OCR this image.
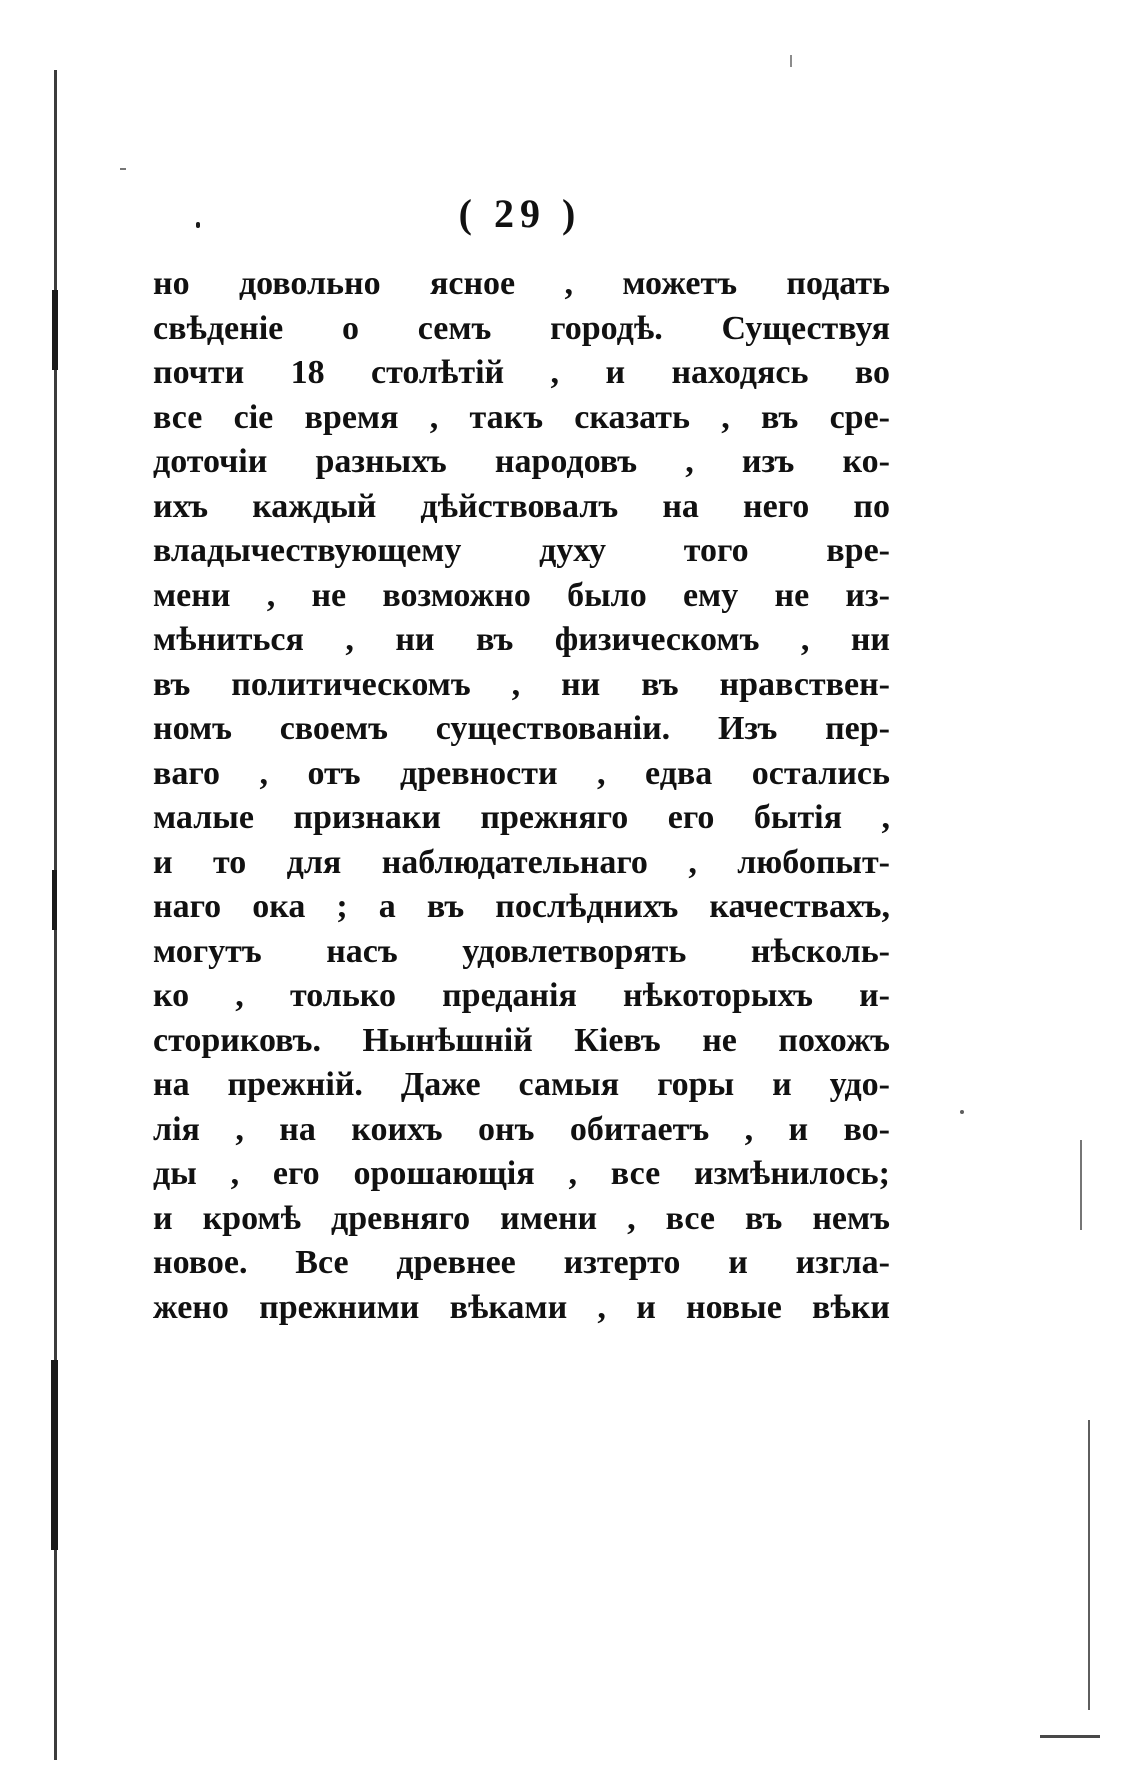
( 29 )
но довольно ясное , можетъ подать
свѣденіе о семъ городѣ. Существуя
почти 18 столѣтій , и находясь во
все сіе время , такъ сказать , въ сре-
доточіи разныхъ народовъ , изъ ко-
ихъ каждый дѣйствовалъ на него по
владычествующему духу того вре-
мени , не возможно было ему не из-
мѣниться , ни въ физическомъ , ни
въ политическомъ , ни въ нравствен-
номъ своемъ существованіи. Изъ пер-
ваго , отъ древности , едва остались
малые признаки прежняго его бытія ,
и то для наблюдательнаго , любопыт-
наго ока ; а въ послѣднихъ качествахъ,
могутъ насъ удовлетворять нѣсколь-
ко , только преданія нѣкоторыхъ и-
сториковъ. Нынѣшній Кіевъ не похожъ
на прежній. Даже самыя горы и удо-
лія , на коихъ онъ обитаетъ , и во-
ды , его орошающія , все измѣнилось;
и кромѣ древняго имени , все въ немъ
новое. Все древнее изтерто и изгла-
жено прежними вѣками , и новые вѣки
